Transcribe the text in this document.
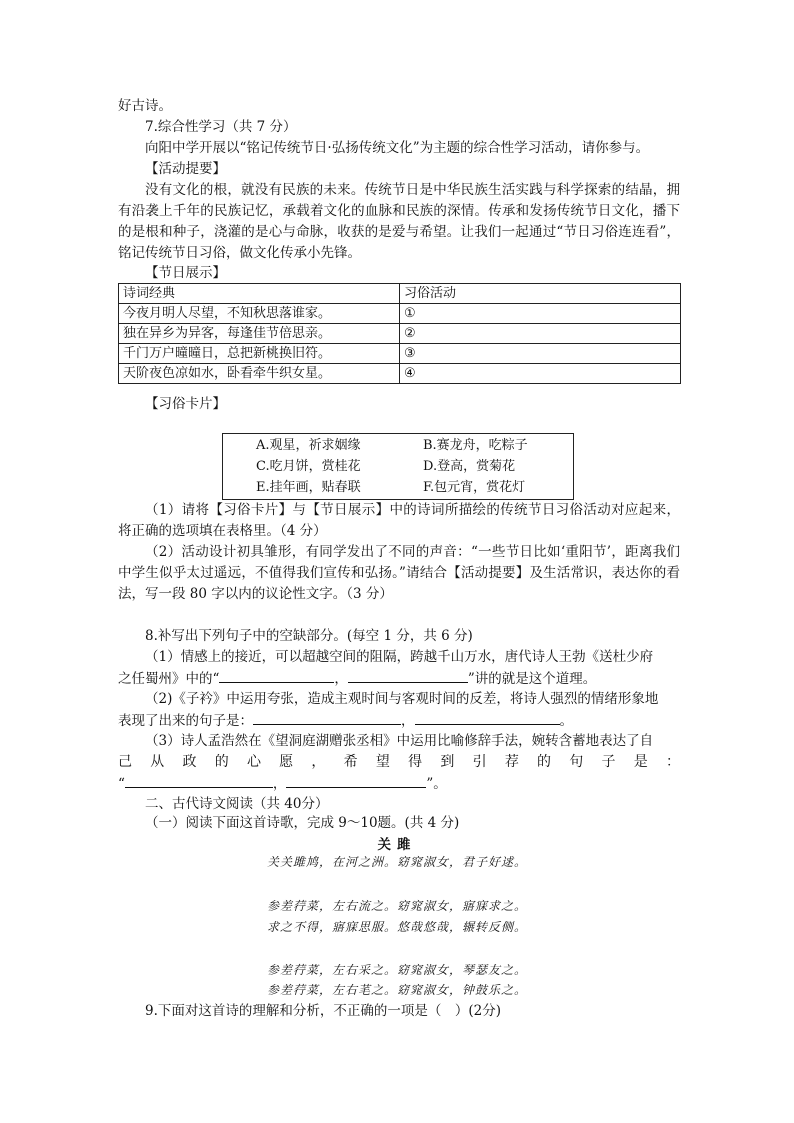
好古诗。
7.综合性学习（共 7 分）
向阳中学开展以“铭记传统节日·弘扬传统文化”为主题的综合性学习活动，请你参与。
【活动提要】
没有文化的根，就没有民族的未来。传统节日是中华民族生活实践与科学探索的结晶，拥有沿袭上千年的民族记忆，承载着文化的血脉和民族的深情。传承和发扬传统节日文化，播下的是根和种子，浇灌的是心与命脉，收获的是爱与希望。让我们一起通过“节日习俗连连看”，铭记传统节日习俗，做文化传承小先锋。
【节日展示】
诗词经典	习俗活动
今夜月明人尽望，不知秋思落谁家。	①
独在异乡为异客，每逢佳节倍思亲。	②
千门万户曈曈日，总把新桃换旧符。	③
天阶夜色凉如水，卧看牵牛织女星。	④
【习俗卡片】
A.观星，祈求姻缘	B.赛龙舟，吃粽子
C.吃月饼，赏桂花	D.登高，赏菊花
E.挂年画，贴春联	F.包元宵，赏花灯
（1）请将【习俗卡片】与【节日展示】中的诗词所描绘的传统节日习俗活动对应起来，将正确的选项填在表格里。（4 分）
（2）活动设计初具雏形，有同学发出了不同的声音：“一些节日比如‘重阳节’，距离我们中学生似乎太过遥远，不值得我们宣传和弘扬。”请结合【活动提要】及生活常识，表达你的看法，写一段 80 字以内的议论性文字。（3 分）
8.补写出下列句子中的空缺部分。(每空 1 分，共 6 分)
（1）情感上的接近，可以超越空间的阻隔，跨越千山万水，唐代诗人王勃《送杜少府
之任蜀州》中的“	，	”讲的就是这个道理。
（2)《子衿》中运用夸张，造成主观时间与客观时间的反差，将诗人强烈的情绪形象地
表现了出来的句子是：	，	。
（3）诗人孟浩然在《望洞庭湖赠张丞相》中运用比喻修辞手法，婉转含蓄地表达了自
己从政的心愿，希望得到引荐的句子是：
“	，	”。
二、古代诗文阅读（共 40分）
（一）阅读下面这首诗歌，完成 9～10题。(共 4 分)
关雎
关关雎鸠，在河之洲。窈窕淑女，君子好逑。
参差荇菜，左右流之。窈窕淑女，寤寐求之。
求之不得，寤寐思服。悠哉悠哉，辗转反侧。
参差荇菜，左右采之。窈窕淑女，琴瑟友之。
参差荇菜，左右芼之。窈窕淑女，钟鼓乐之。
9.下面对这首诗的理解和分析，不正确的一项是（　）(2分)
